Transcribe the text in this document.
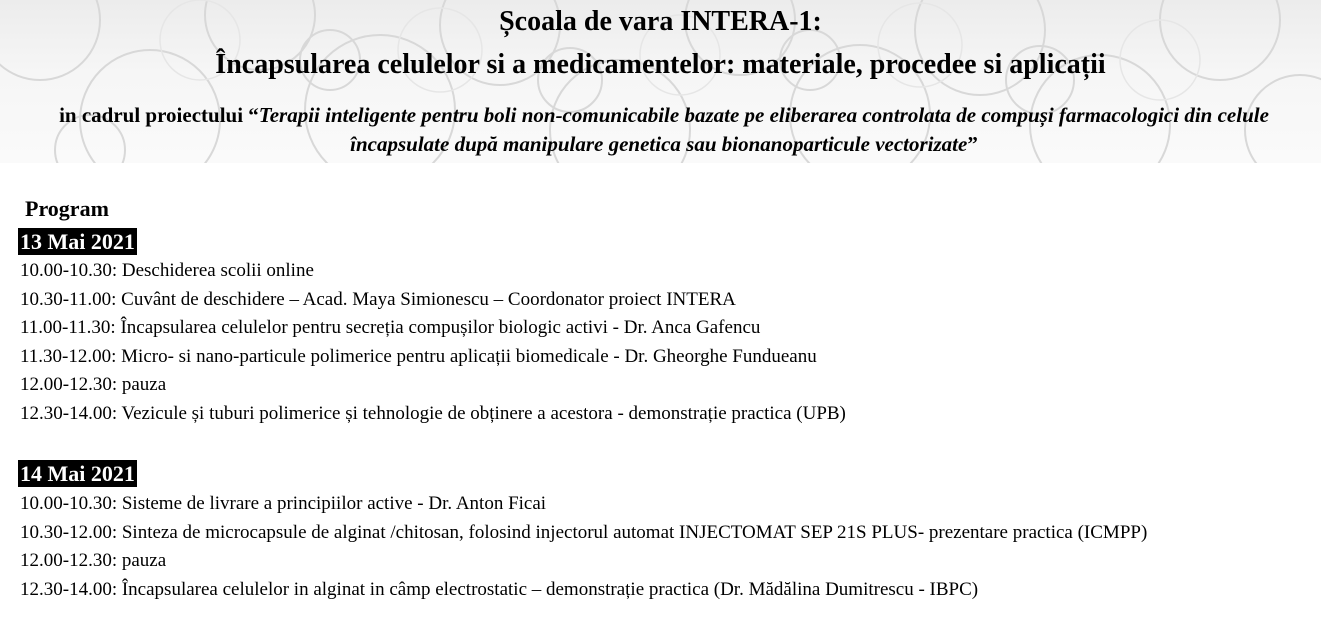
Școala de vara INTERA-1:
Încapsularea celulelor si a medicamentelor: materiale, procedee si aplicații
in cadrul proiectului “Terapii inteligente pentru boli non-comunicabile bazate pe eliberarea controlata de compuși farmacologici din celule încapsulate după manipulare genetica sau bionanoparticule vectorizate”
Program
13 Mai 2021
10.00-10.30: Deschiderea scolii online
10.30-11.00: Cuvânt de deschidere – Acad. Maya Simionescu – Coordonator proiect INTERA
11.00-11.30: Încapsularea celulelor pentru secreția compușilor biologic activi - Dr. Anca Gafencu
11.30-12.00: Micro- si nano-particule polimerice pentru aplicații biomedicale - Dr. Gheorghe Fundueanu
12.00-12.30: pauza
12.30-14.00: Vezicule și tuburi polimerice și tehnologie de obținere a acestora - demonstrație practica (UPB)
14 Mai 2021
10.00-10.30: Sisteme de livrare a principiilor active - Dr. Anton Ficai
10.30-12.00: Sinteza de microcapsule de alginat /chitosan, folosind injectorul automat INJECTOMAT SEP 21S PLUS- prezentare practica (ICMPP)
12.00-12.30: pauza
12.30-14.00: Încapsularea celulelor in alginat in câmp electrostatic – demonstrație practica (Dr. Mădălina Dumitrescu - IBPC)
